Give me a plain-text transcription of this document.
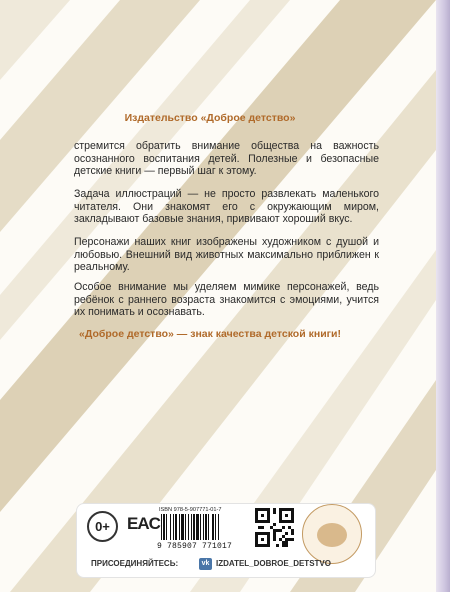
Издательство «Доброе детство»

стремится обратить внимание общества на важность осознанного воспитания детей. Полезные и безопасные детские книги — первый шаг к этому.

Задача иллюстраций — не просто развлекать маленького читателя. Они знакомят его с окружающим миром, закладывают базовые знания, прививают хороший вкус.

Персонажи наших книг изображены художником с душой и любовью. Внешний вид животных максимально приближен к реальному.

Особое внимание мы уделяем мимике персонажей, ведь ребёнок с раннего возраста знакомится с эмоциями, учится их понимать и осознавать.

«Доброе детство» — знак качества детской книги!
0+	EAC
ISBN 978-5-907771-01-7
9 785907 771017
ПРИСОЕДИНЯЙТЕСЬ:	vk IZDATEL_DOBROE_DETSTVO
